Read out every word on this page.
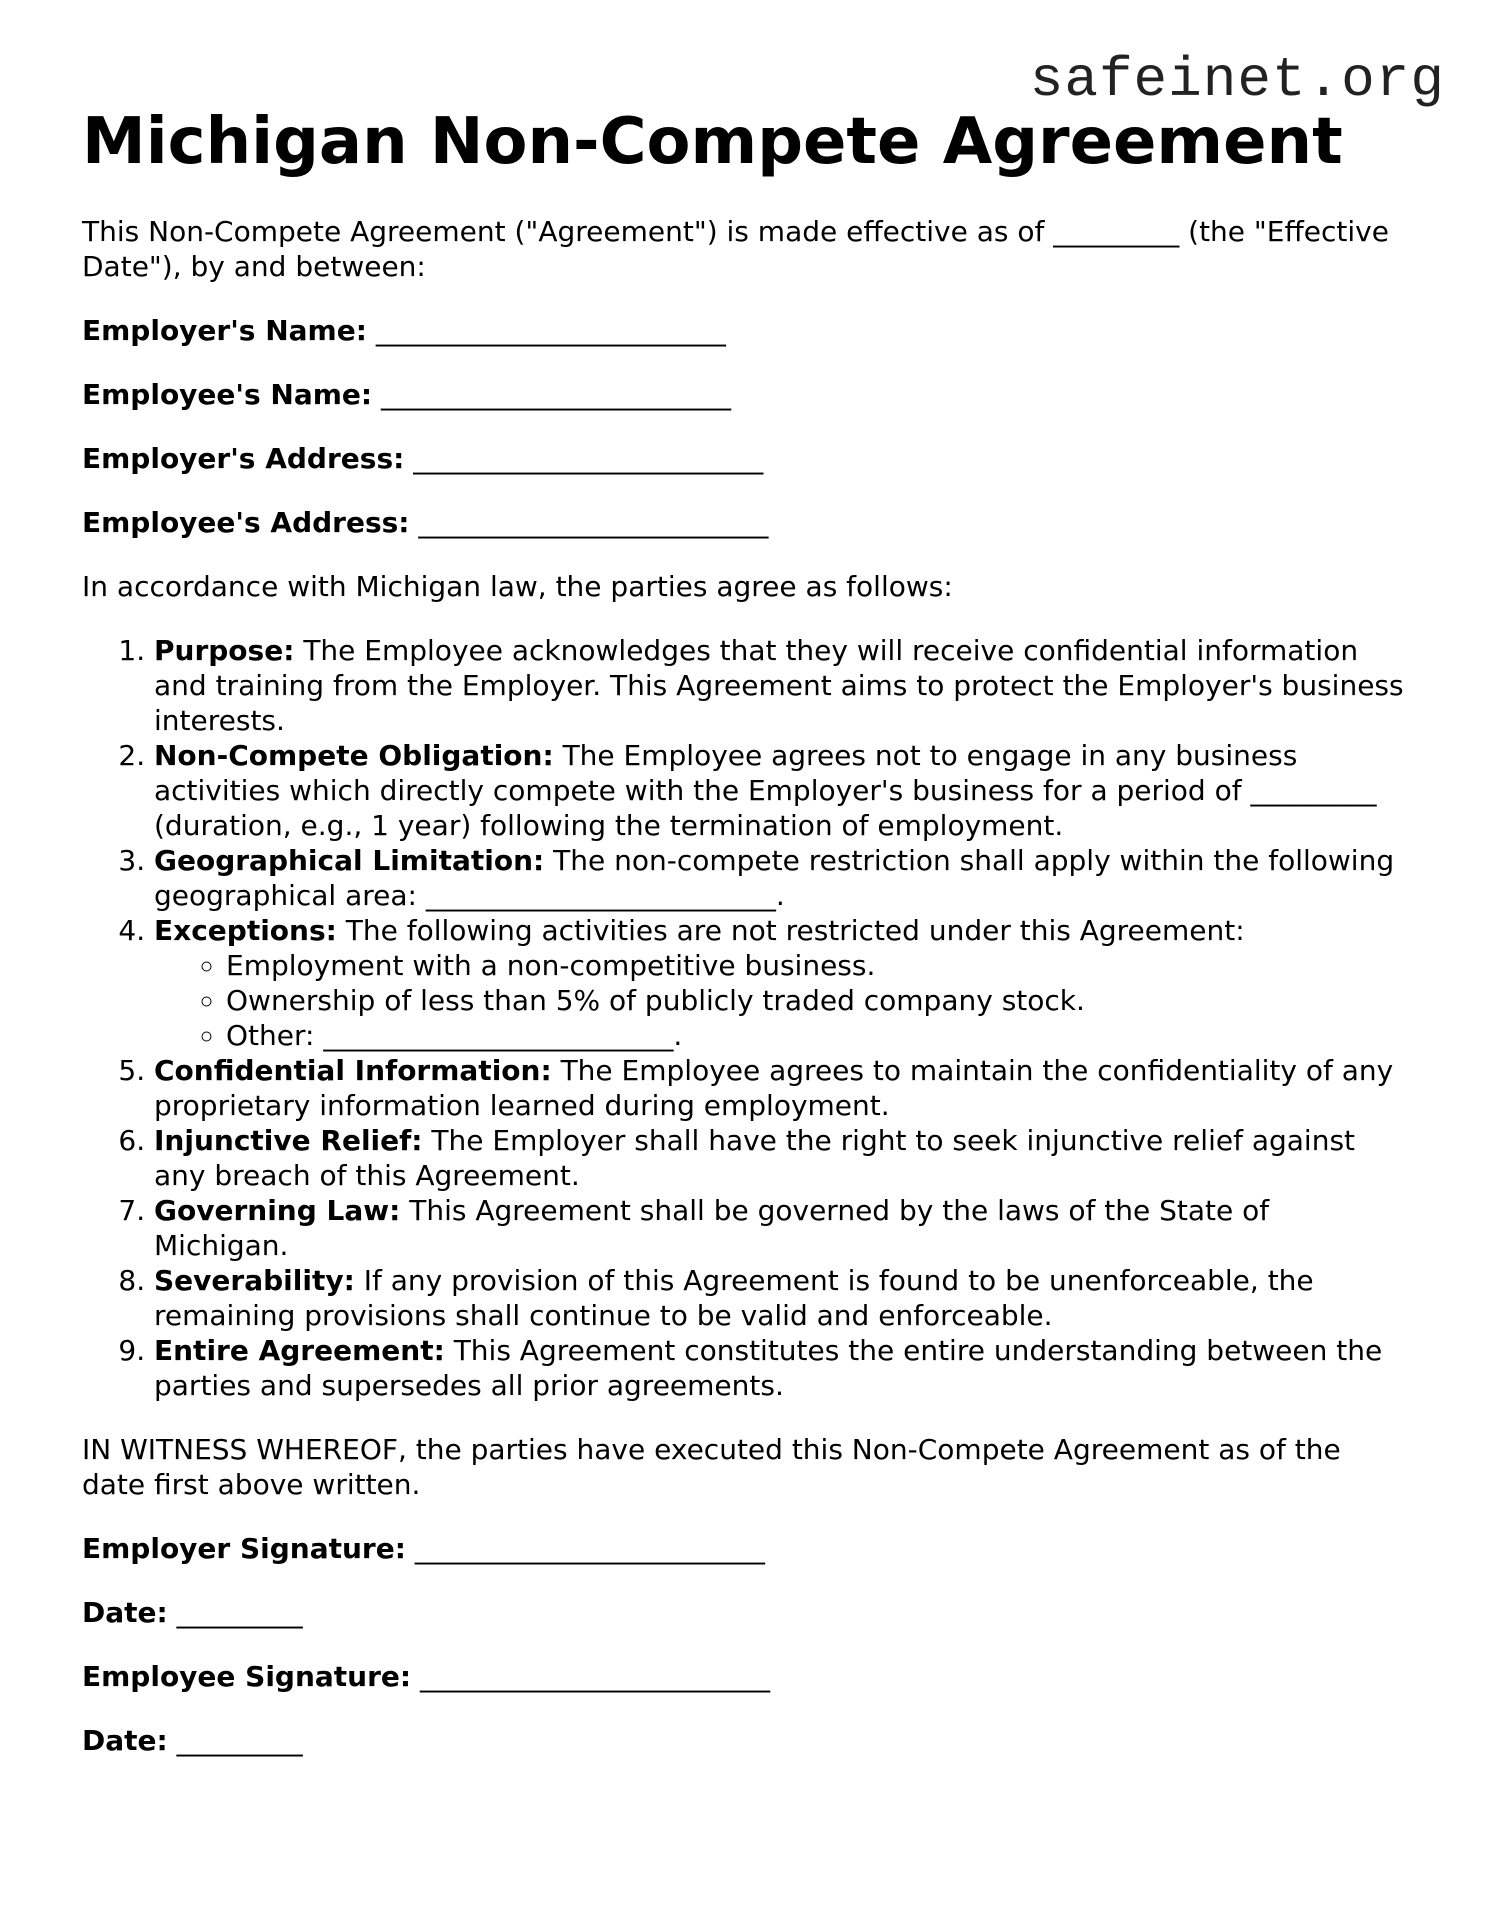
safeinet.org
Michigan Non-Compete Agreement

This Non-Compete Agreement ("Agreement") is made effective as of _________ (the "Effective Date"), by and between:

Employer's Name: _________________________
Employee's Name: _________________________
Employer's Address: _________________________
Employee's Address: _________________________

In accordance with Michigan law, the parties agree as follows:

1. Purpose: The Employee acknowledges that they will receive confidential information and training from the Employer. This Agreement aims to protect the Employer's business interests.
2. Non-Compete Obligation: The Employee agrees not to engage in any business activities which directly compete with the Employer's business for a period of _________ (duration, e.g., 1 year) following the termination of employment.
3. Geographical Limitation: The non-compete restriction shall apply within the following geographical area: _________________________.
4. Exceptions: The following activities are not restricted under this Agreement:
◦ Employment with a non-competitive business.
◦ Ownership of less than 5% of publicly traded company stock.
◦ Other: _________________________.
5. Confidential Information: The Employee agrees to maintain the confidentiality of any proprietary information learned during employment.
6. Injunctive Relief: The Employer shall have the right to seek injunctive relief against any breach of this Agreement.
7. Governing Law: This Agreement shall be governed by the laws of the State of Michigan.
8. Severability: If any provision of this Agreement is found to be unenforceable, the remaining provisions shall continue to be valid and enforceable.
9. Entire Agreement: This Agreement constitutes the entire understanding between the parties and supersedes all prior agreements.

IN WITNESS WHEREOF, the parties have executed this Non-Compete Agreement as of the date first above written.

Employer Signature: _________________________
Date: _________
Employee Signature: _________________________
Date: _________
